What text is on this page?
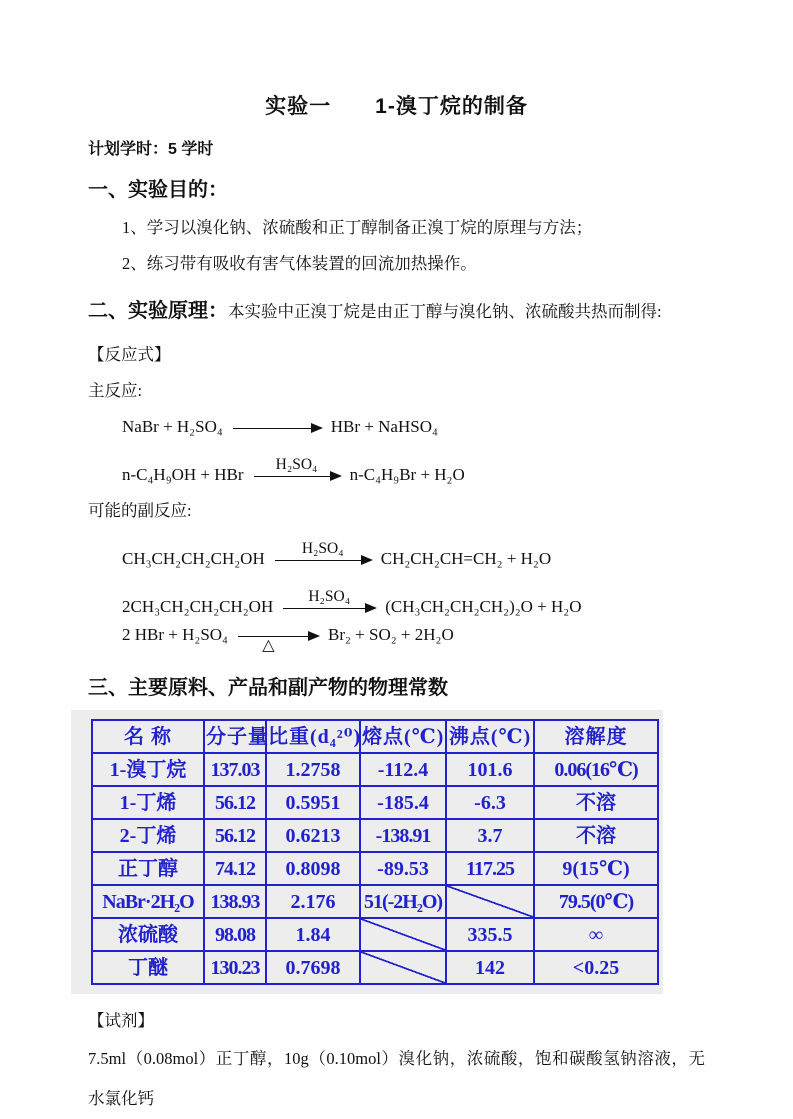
实验一　　1-溴丁烷的制备

计划学时：5 学时

一、实验目的：

1、学习以溴化钠、浓硫酸和正丁醇制备正溴丁烷的原理与方法；

2、练习带有吸收有害气体装置的回流加热操作。

二、实验原理：本实验中正溴丁烷是由正丁醇与溴化钠、浓硫酸共热而制得:

【反应式】

主反应:

NaBr + H₂SO₄	HBr + NaHSO₄
n-C₄H₉OH + HBr
H₂SO₄
n-C₄H₉Br + H₂O

可能的副反应:

CH₃CH₂CH₂CH₂OH
H₂SO₄
CH₂CH₂CH=CH₂ + H₂O
2CH₃CH₂CH₂CH₂OH
H₂SO₄
(CH₃CH₂CH₂CH₂)₂O + H₂O
2 HBr + H₂SO₄
△
Br₂ + SO₂ + 2H₂O

三、主要原料、产品和副产物的物理常数

名 称	分子量	比重(d₄²⁰)	熔点(℃)	沸点(℃)	溶解度
1-溴丁烷	137.03	1.2758	-112.4	101.6	0.06(16℃)
1-丁烯	56.12	0.5951	-185.4	-6.3	不溶
2-丁烯	56.12	0.6213	-138.91	3.7	不溶
正丁醇	74.12	0.8098	-89.53	117.25	9(15℃)
NaBr·2H₂O	138.93	2.176	51(-2H₂O)		79.5(0℃)
浓硫酸	98.08	1.84		335.5	∞
丁醚	130.23	0.7698		142	<0.25

【试剂】

7.5ml（0.08mol）正丁醇，10g（0.10mol）溴化钠，浓硫酸，饱和碳酸氢钠溶液，无水氯化钙
